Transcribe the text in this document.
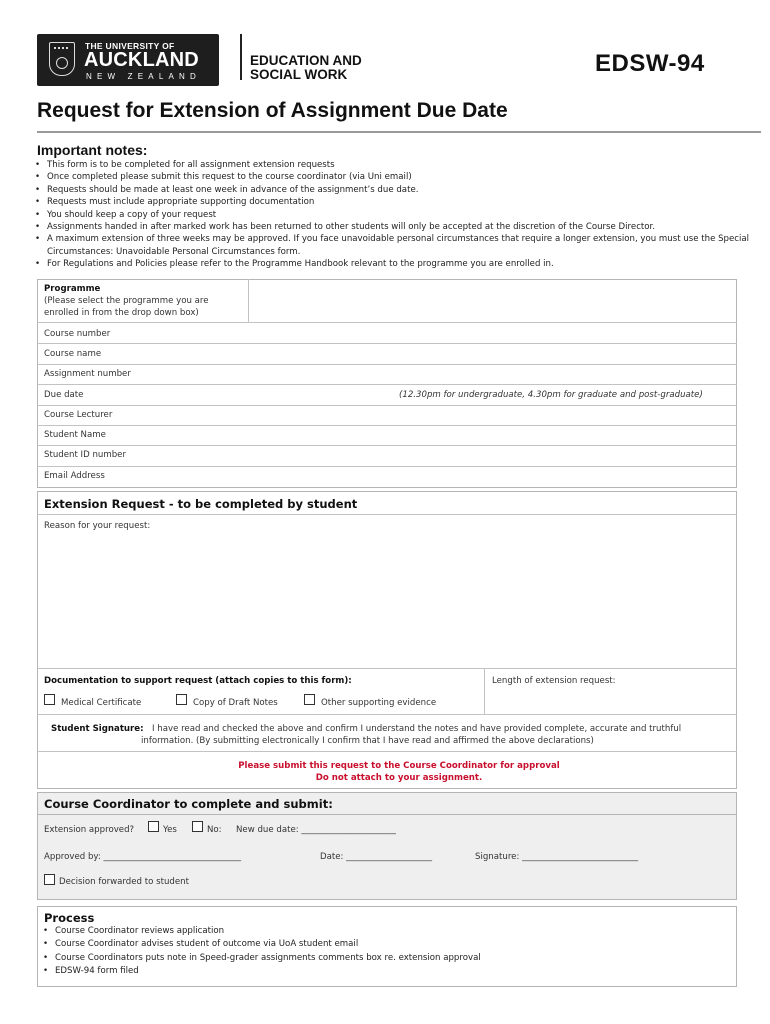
THE UNIVERSITY OF
AUCKLAND
NEW ZEALAND
EDUCATION AND
SOCIAL WORK	EDSW-94
Request for Extension of Assignment Due Date
Important notes:
• This form is to be completed for all assignment extension requests
• Once completed please submit this request to the course coordinator (via Uni email)
• Requests should be made at least one week in advance of the assignment’s due date.
• Requests must include appropriate supporting documentation
• You should keep a copy of your request
• Assignments handed in after marked work has been returned to other students will only be accepted at the discretion of the Course Director.
• A maximum extension of three weeks may be approved. If you face unavoidable personal circumstances that require a longer extension, you must use the Special Circumstances: Unavoidable Personal Circumstances form.
• For Regulations and Policies please refer to the Programme Handbook relevant to the programme you are enrolled in.
Programme
(Please select the programme you are
enrolled in from the drop down box)
Course number
Course name
Assignment number
Due date	(12.30pm for undergraduate, 4.30pm for graduate and post-graduate)
Course Lecturer
Student Name
Student ID number
Email Address
Extension Request - to be completed by student
Reason for your request:
Documentation to support request (attach copies to this form):	Length of extension request:
Medical Certificate	Copy of Draft Notes	Other supporting evidence
Student Signature: I have read and checked the above and confirm I understand the notes and have provided complete, accurate and truthful
information. (By submitting electronically I confirm that I have read and affirmed the above declarations)
Please submit this request to the Course Coordinator for approval
Do not attach to your assignment.
Course Coordinator to complete and submit:
Extension approved?	Yes	No: New due date: ______________________
Approved by: ________________________________	Date: ____________________	Signature: ___________________________
Decision forwarded to student
Process
• Course Coordinator reviews application
• Course Coordinator advises student of outcome via UoA student email
• Course Coordinators puts note in Speed-grader assignments comments box re. extension approval
• EDSW-94 form filed
